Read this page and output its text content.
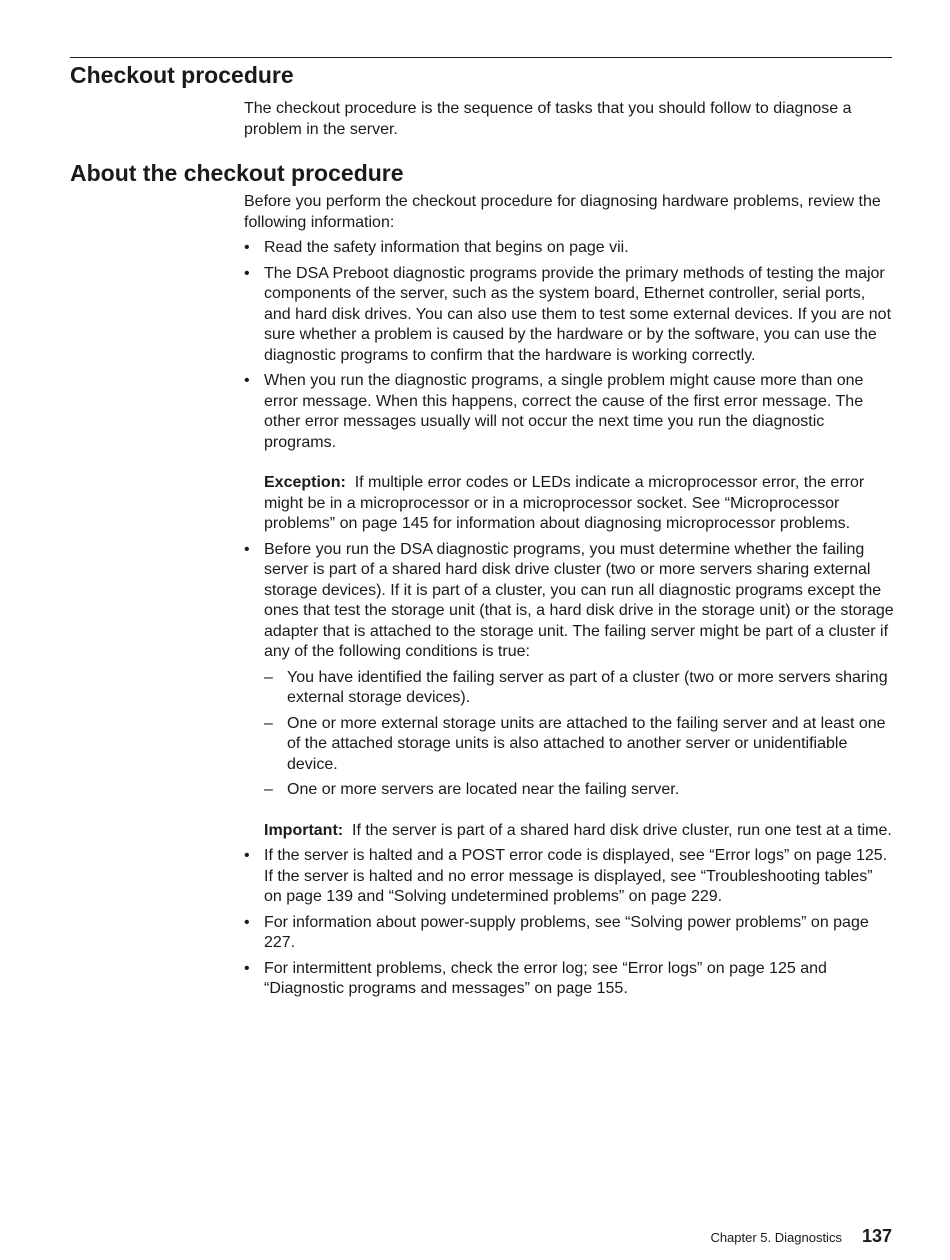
Checkout procedure

The checkout procedure is the sequence of tasks that you should follow to diagnose a problem in the server.

About the checkout procedure

Before you perform the checkout procedure for diagnosing hardware problems, review the following information:

• Read the safety information that begins on page vii.
• The DSA Preboot diagnostic programs provide the primary methods of testing the major components of the server, such as the system board, Ethernet controller, serial ports, and hard disk drives. You can also use them to test some external devices. If you are not sure whether a problem is caused by the hardware or by the software, you can use the diagnostic programs to confirm that the hardware is working correctly.

• When you run the diagnostic programs, a single problem might cause more than one error message. When this happens, correct the cause of the first error message. The other error messages usually will not occur the next time you run the diagnostic programs.

Exception: If multiple error codes or LEDs indicate a microprocessor error, the error might be in a microprocessor or in a microprocessor socket. See “Microprocessor problems” on page 145 for information about diagnosing microprocessor problems.

• Before you run the DSA diagnostic programs, you must determine whether the failing server is part of a shared hard disk drive cluster (two or more servers sharing external storage devices). If it is part of a cluster, you can run all diagnostic programs except the ones that test the storage unit (that is, a hard disk drive in the storage unit) or the storage adapter that is attached to the storage unit. The failing server might be part of a cluster if any of the following conditions is true:

– You have identified the failing server as part of a cluster (two or more servers sharing external storage devices).
– One or more external storage units are attached to the failing server and at least one of the attached storage units is also attached to another server or unidentifiable device.
– One or more servers are located near the failing server.

Important: If the server is part of a shared hard disk drive cluster, run one test at a time.

• If the server is halted and a POST error code is displayed, see “Error logs” on page 125. If the server is halted and no error message is displayed, see “Troubleshooting tables” on page 139 and “Solving undetermined problems” on page 229.
• For information about power-supply problems, see “Solving power problems” on page 227.
• For intermittent problems, check the error log; see “Error logs” on page 125 and “Diagnostic programs and messages” on page 155.
Chapter 5. Diagnostics 137
